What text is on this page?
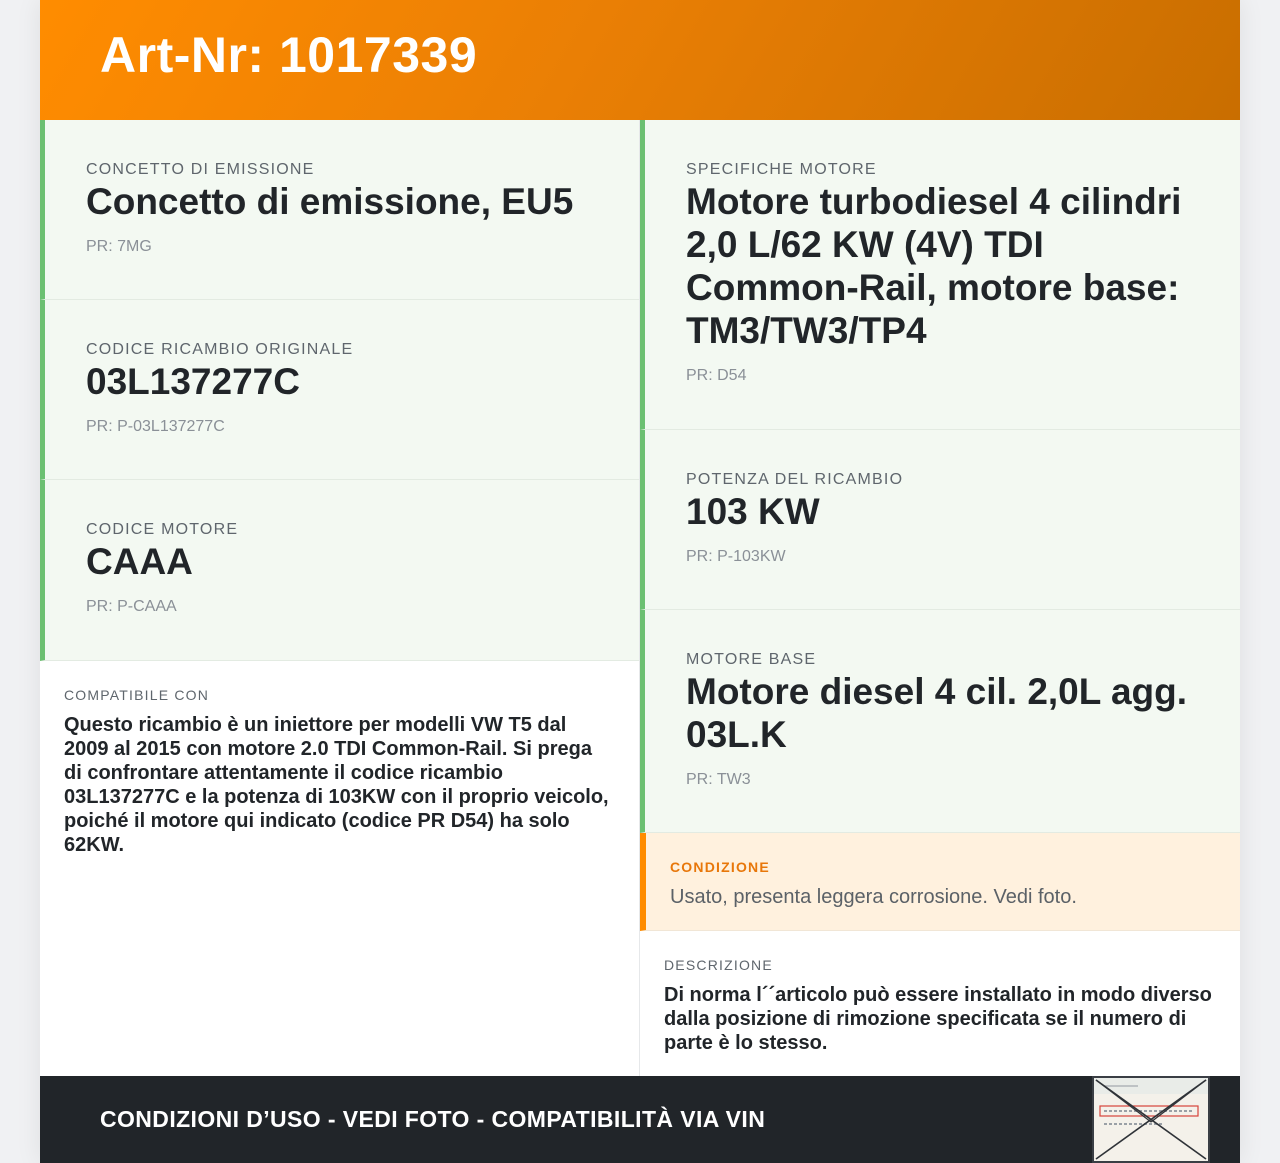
Art-Nr: 1017339
CONCETTO DI EMISSIONE
Concetto di emissione, EU5
PR: 7MG
CODICE RICAMBIO ORIGINALE
03L137277C
PR: P-03L137277C
CODICE MOTORE
CAAA
PR: P-CAAA
COMPATIBILE CON
Questo ricambio è un iniettore per modelli VW T5 dal 2009 al 2015 con motore 2.0 TDI Common-Rail. Si prega di confrontare attentamente il codice ricambio 03L137277C e la potenza di 103KW con il proprio veicolo, poiché il motore qui indicato (codice PR D54) ha solo 62KW.
SPECIFICHE MOTORE
Motore turbodiesel 4 cilindri 2,0 L/62 KW (4V) TDI Common-Rail, motore base: TM3/TW3/TP4
PR: D54
POTENZA DEL RICAMBIO
103 KW
PR: P-103KW
MOTORE BASE
Motore diesel 4 cil. 2,0L agg. 03L.K
PR: TW3
CONDIZIONE
Usato, presenta leggera corrosione. Vedi foto.
DESCRIZIONE
Di norma l´´articolo può essere installato in modo diverso dalla posizione di rimozione specificata se il numero di parte è lo stesso.
CONDIZIONI D’USO - VEDI FOTO - COMPATIBILITÀ VIA VIN
